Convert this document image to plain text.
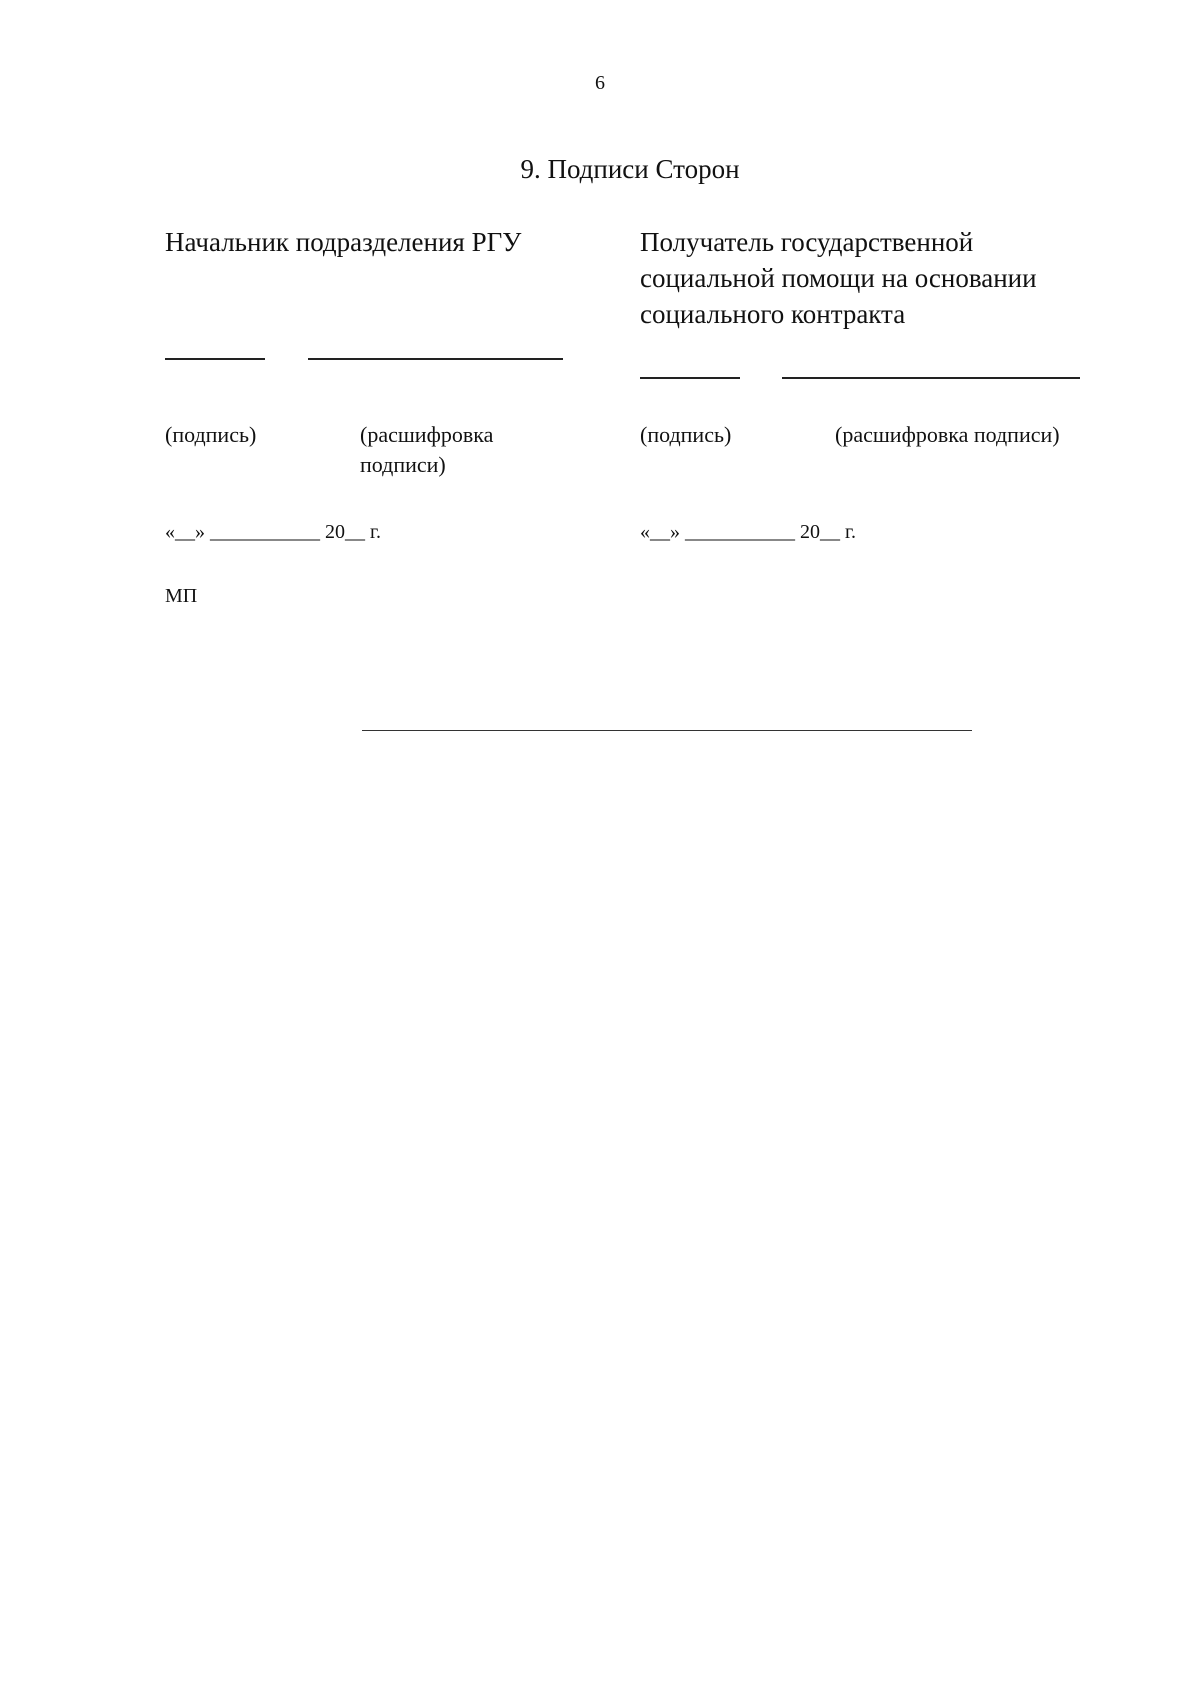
6
9. Подписи Сторон
Начальник подразделения РГУ
(подпись)	(расшифровка подписи)
«__» ___________ 20__ г.
МП
Получатель государственной социальной помощи на основании социального контракта
(подпись)	(расшифровка подписи)
«__» ___________ 20__ г.
